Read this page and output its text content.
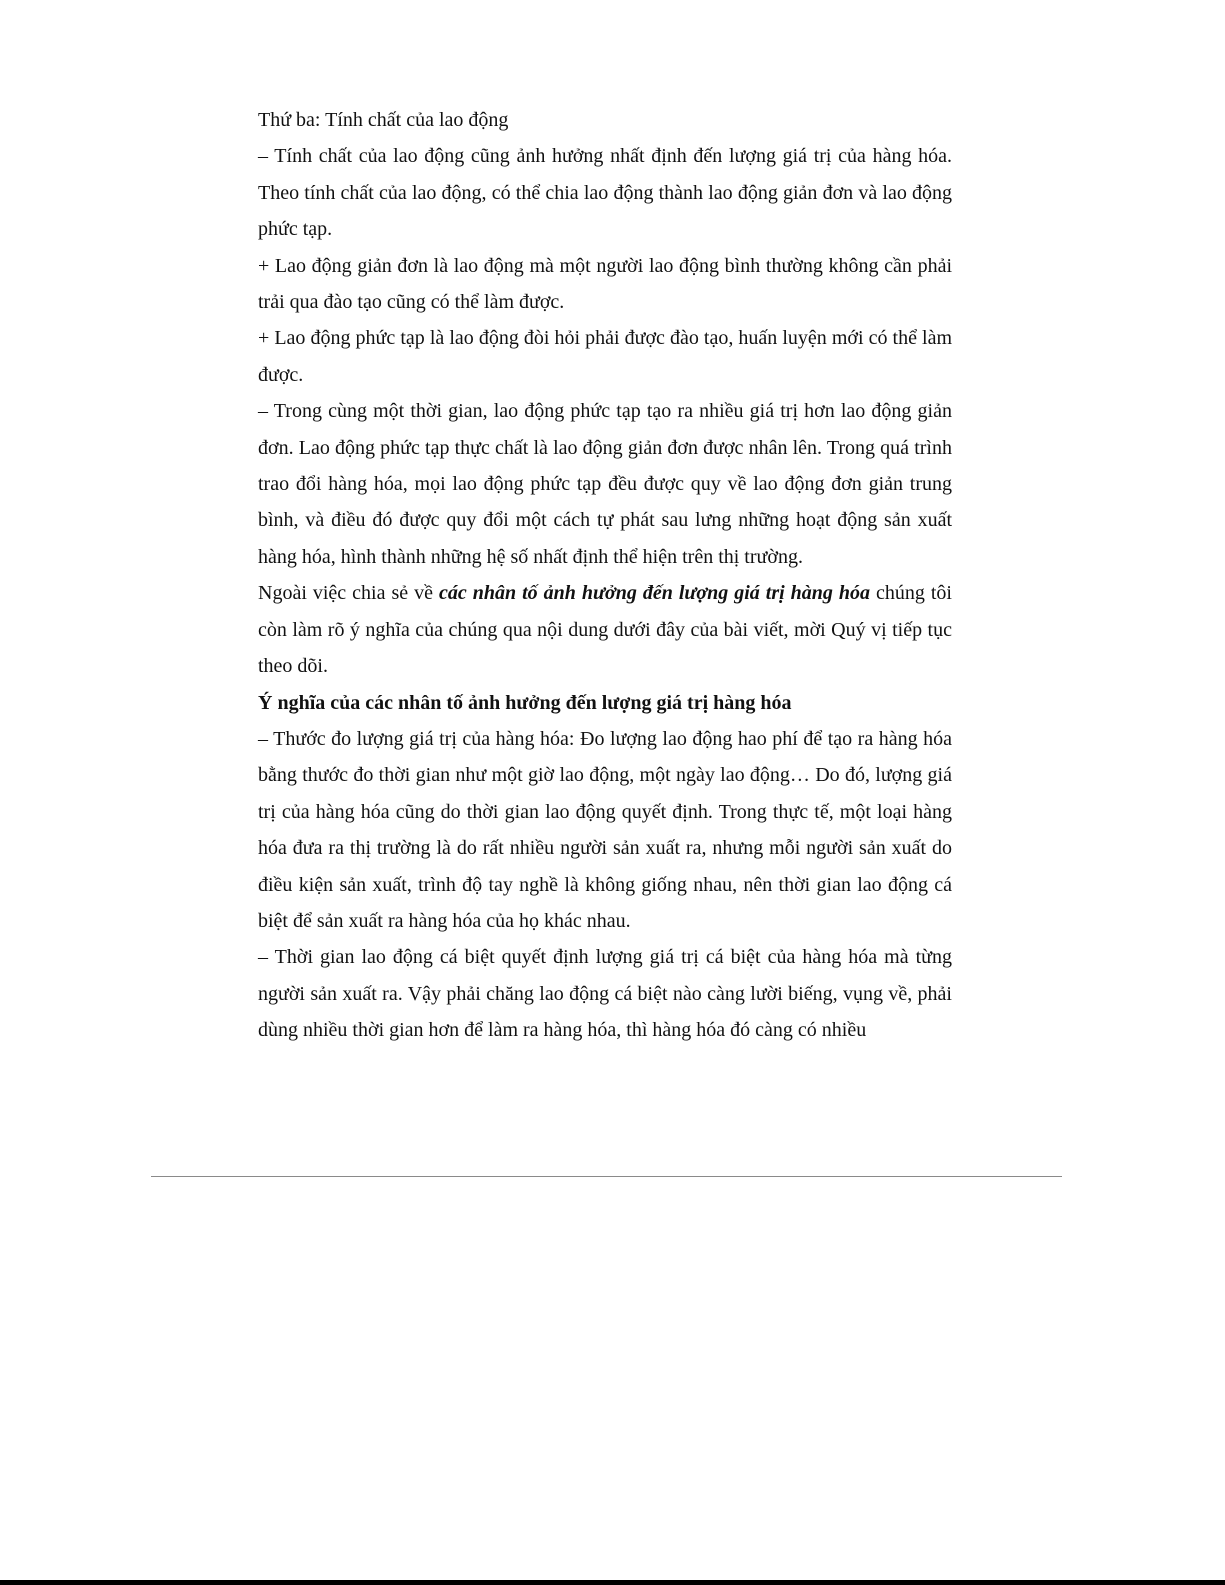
Thứ ba: Tính chất của lao động

– Tính chất của lao động cũng ảnh hưởng nhất định đến lượng giá trị của hàng hóa. Theo tính chất của lao động, có thể chia lao động thành lao động giản đơn và lao động phức tạp.

+ Lao động giản đơn là lao động mà một người lao động bình thường không cần phải trải qua đào tạo cũng có thể làm được.

+ Lao động phức tạp là lao động đòi hỏi phải được đào tạo, huấn luyện mới có thể làm được.

– Trong cùng một thời gian, lao động phức tạp tạo ra nhiều giá trị hơn lao động giản đơn. Lao động phức tạp thực chất là lao động giản đơn được nhân lên. Trong quá trình trao đổi hàng hóa, mọi lao động phức tạp đều được quy về lao động đơn giản trung bình, và điều đó được quy đổi một cách tự phát sau lưng những hoạt động sản xuất hàng hóa, hình thành những hệ số nhất định thể hiện trên thị trường.

Ngoài việc chia sẻ về các nhân tố ảnh hưởng đến lượng giá trị hàng hóa chúng tôi còn làm rõ ý nghĩa của chúng qua nội dung dưới đây của bài viết, mời Quý vị tiếp tục theo dõi.

Ý nghĩa của các nhân tố ảnh hưởng đến lượng giá trị hàng hóa

– Thước đo lượng giá trị của hàng hóa: Đo lượng lao động hao phí để tạo ra hàng hóa bằng thước đo thời gian như một giờ lao động, một ngày lao động… Do đó, lượng giá trị của hàng hóa cũng do thời gian lao động quyết định. Trong thực tế, một loại hàng hóa đưa ra thị trường là do rất nhiều người sản xuất ra, nhưng mỗi người sản xuất do điều kiện sản xuất, trình độ tay nghề là không giống nhau, nên thời gian lao động cá biệt để sản xuất ra hàng hóa của họ khác nhau.

– Thời gian lao động cá biệt quyết định lượng giá trị cá biệt của hàng hóa mà từng người sản xuất ra. Vậy phải chăng lao động cá biệt nào càng lười biếng, vụng về, phải dùng nhiều thời gian hơn để làm ra hàng hóa, thì hàng hóa đó càng có nhiều
